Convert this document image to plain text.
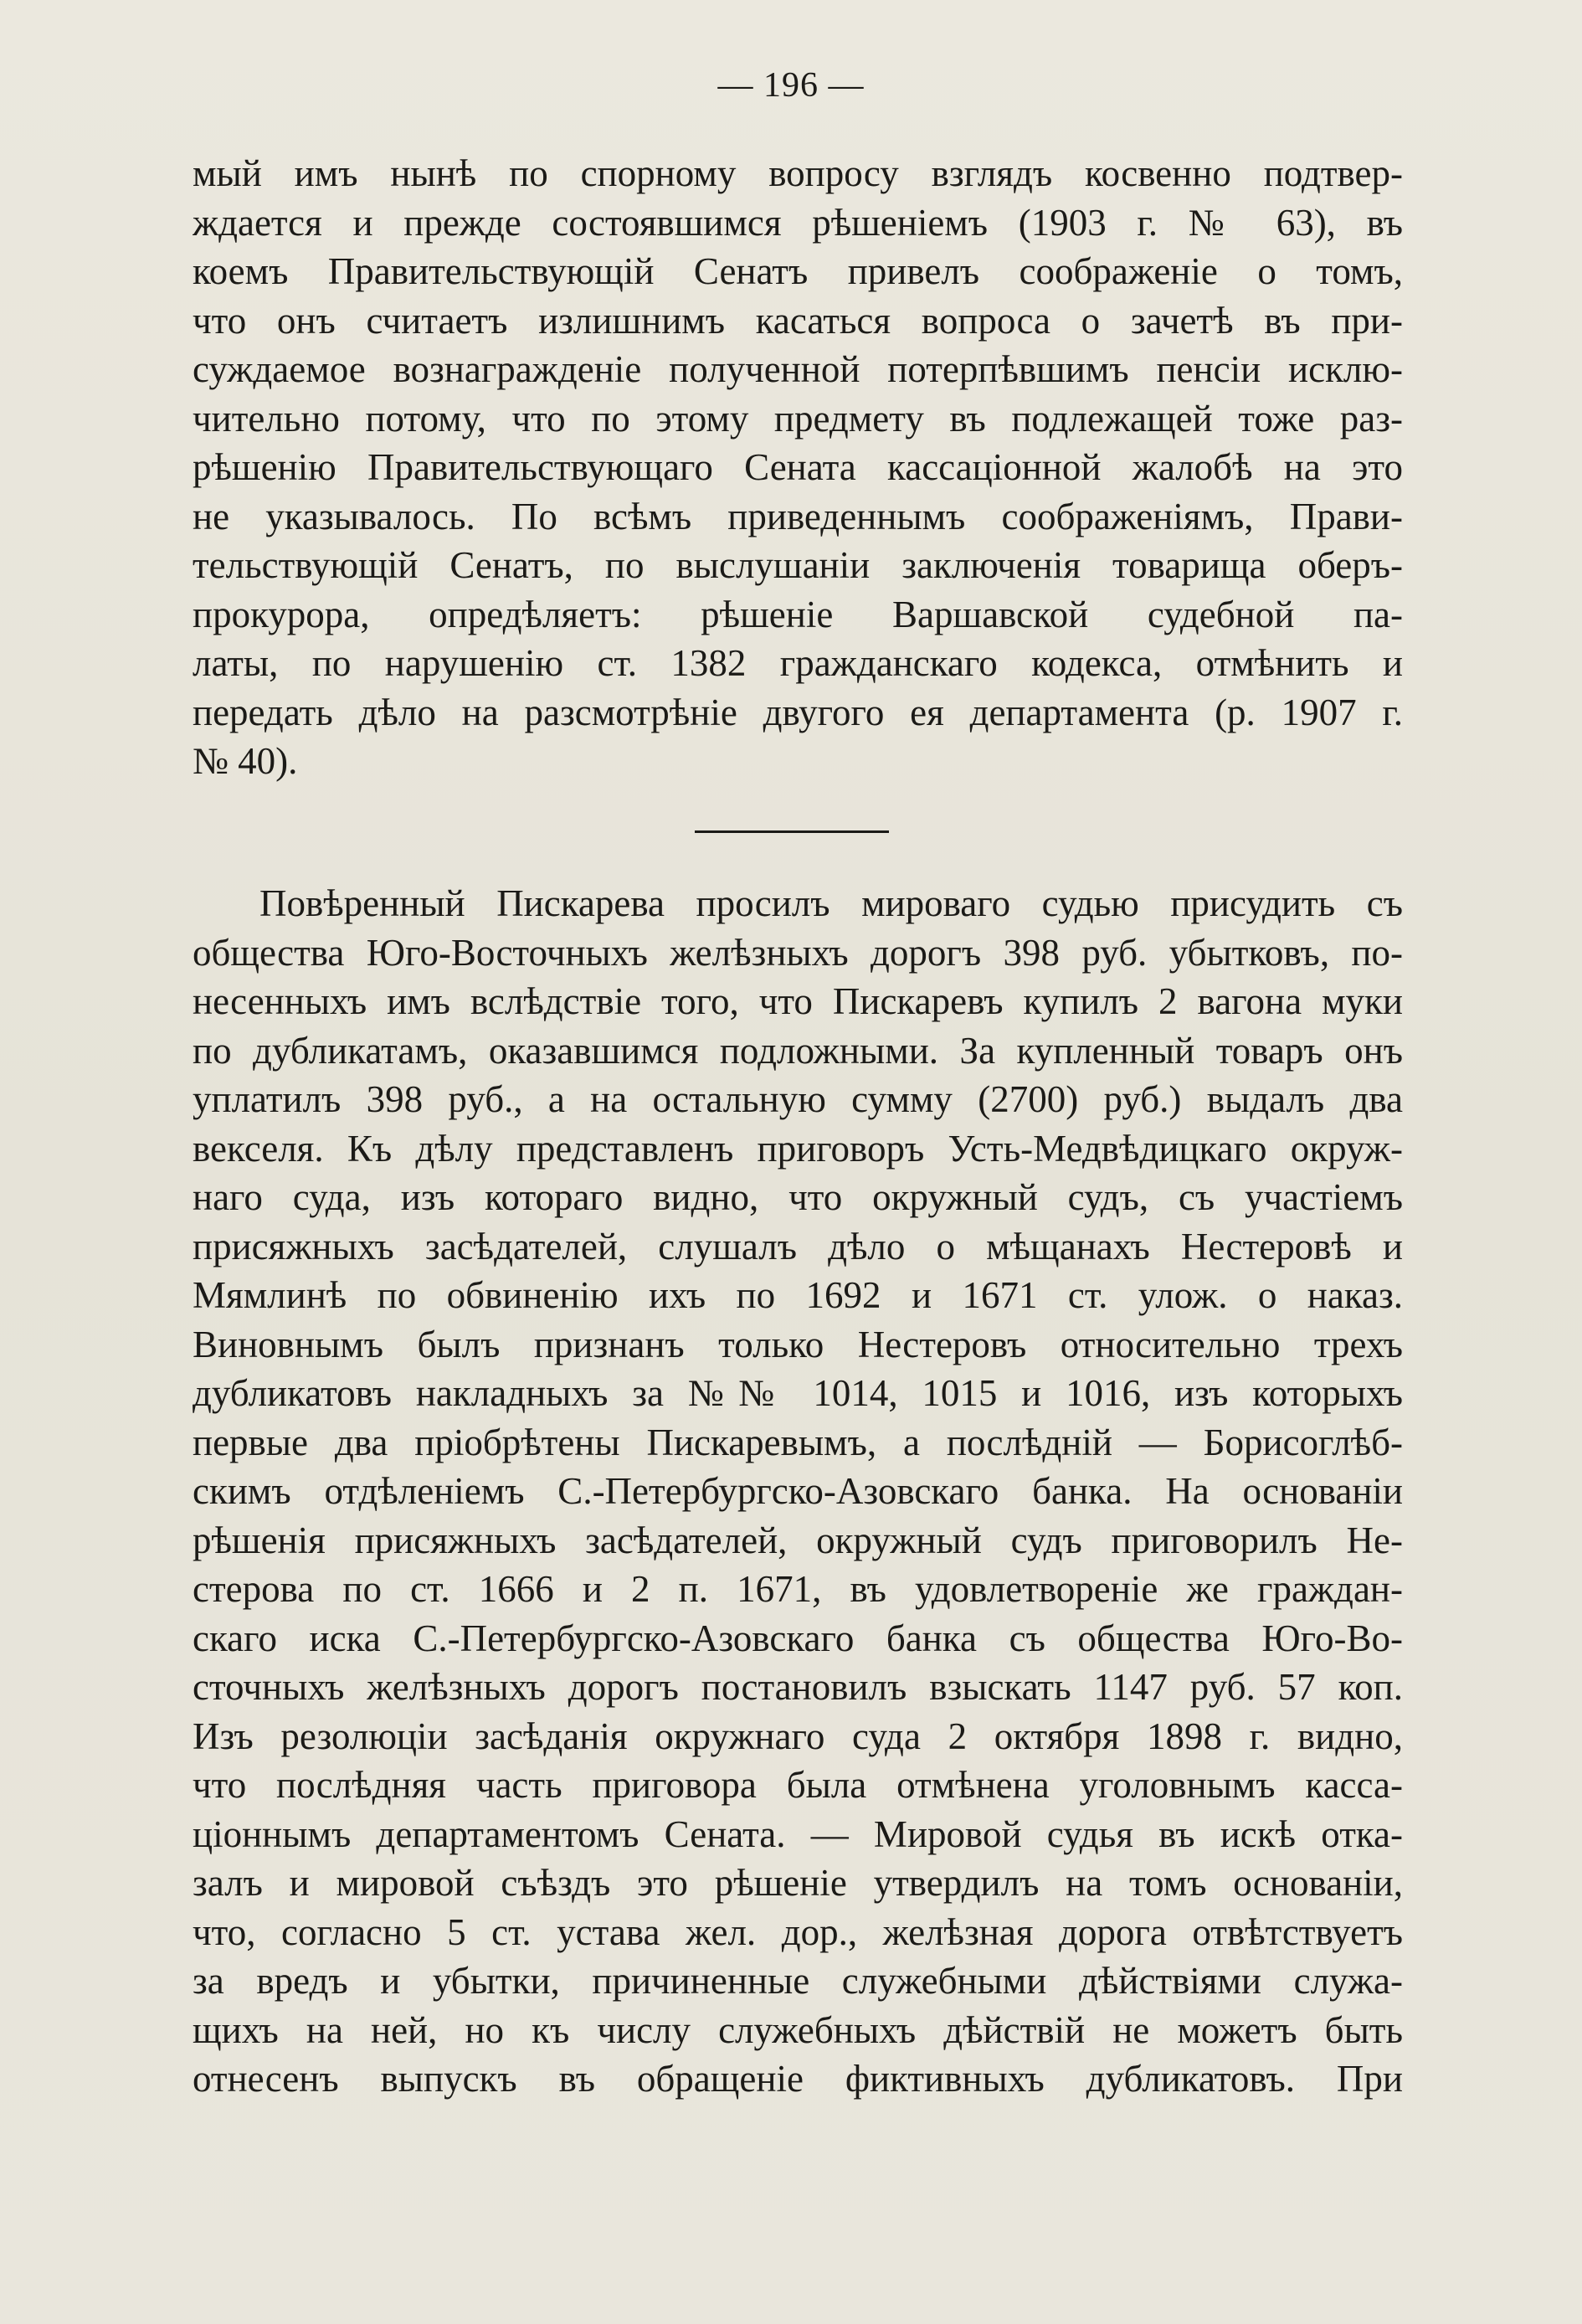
— 196 —
мый имъ нынѣ по спорному вопросу взглядъ косвенно подтвер-
ждается и прежде состоявшимся рѣшеніемъ (1903 г. № 63), въ
коемъ Правительствующій Сенатъ привелъ соображеніе о томъ,
что онъ считаетъ излишнимъ касаться вопроса о зачетѣ въ при-
суждаемое вознагражденіе полученной потерпѣвшимъ пенсіи исклю-
чительно потому, что по этому предмету въ подлежащей тоже раз-
рѣшенію Правительствующаго Сената кассаціонной жалобѣ на это
не указывалось. По всѣмъ приведеннымъ соображеніямъ, Прави-
тельствующій Сенатъ, по выслушаніи заключенія товарища оберъ-
прокурора, опредѣляетъ: рѣшеніе Варшавской судебной па-
латы, по нарушенію ст. 1382 гражданскаго кодекса, отмѣнить и
передать дѣло на разсмотрѣніе двугого ея департамента (р. 1907 г.
№ 40).
Повѣренный Пискарева просилъ мироваго судью присудить съ
общества Юго-Восточныхъ желѣзныхъ дорогъ 398 руб. убытковъ, по-
несенныхъ имъ вслѣдствіе того, что Пискаревъ купилъ 2 вагона муки
по дубликатамъ, оказавшимся подложными. За купленный товаръ онъ
уплатилъ 398 руб., а на остальную сумму (2700) руб.) выдалъ два
векселя. Къ дѣлу представленъ приговоръ Усть-Медвѣдицкаго окруж-
наго суда, изъ котораго видно, что окружный судъ, съ участіемъ
присяжныхъ засѣдателей, слушалъ дѣло о мѣщанахъ Нестеровѣ и
Мямлинѣ по обвиненію ихъ по 1692 и 1671 ст. улож. о наказ.
Виновнымъ былъ признанъ только Нестеровъ относительно трехъ
дубликатовъ накладныхъ за №№ 1014, 1015 и 1016, изъ которыхъ
первые два пріобрѣтены Пискаревымъ, а послѣдній — Борисоглѣб-
скимъ отдѣленіемъ С.-Петербургско-Азовскаго банка. На основаніи
рѣшенія присяжныхъ засѣдателей, окружный судъ приговорилъ Не-
стерова по ст. 1666 и 2 п. 1671, въ удовлетвореніе же граждан-
скаго иска С.-Петербургско-Азовскаго банка съ общества Юго-Во-
сточныхъ желѣзныхъ дорогъ постановилъ взыскать 1147 руб. 57 коп.
Изъ резолюціи засѣданія окружнаго суда 2 октября 1898 г. видно,
что послѣдняя часть приговора была отмѣнена уголовнымъ касса-
ціоннымъ департаментомъ Сената. — Мировой судья въ искѣ отка-
залъ и мировой съѣздъ это рѣшеніе утвердилъ на томъ основаніи,
что, согласно 5 ст. устава жел. дор., желѣзная дорога отвѣтствуетъ
за вредъ и убытки, причиненные служебными дѣйствіями служа-
щихъ на ней, но къ числу служебныхъ дѣйствій не можетъ быть
отнесенъ выпускъ въ обращеніе фиктивныхъ дубликатовъ. При
